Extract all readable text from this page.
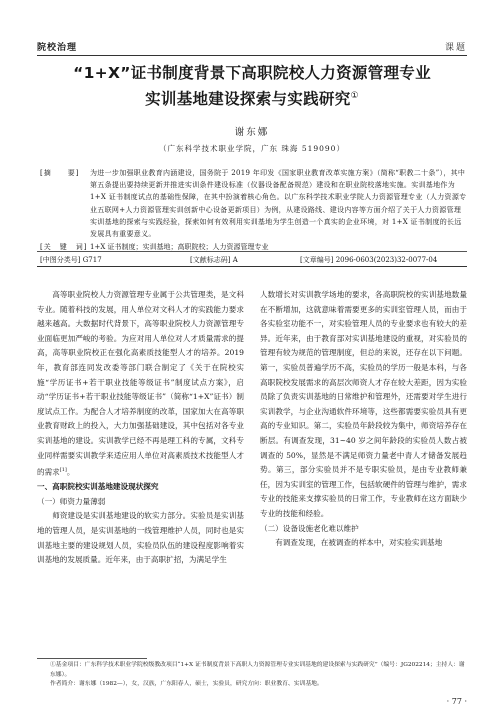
院校治理	课题
“1+X”证书制度背景下高职院校人力资源管理专业
实训基地建设探索与实践研究①
谢东娜
（广东科学技术职业学院，广东 珠海 519090）
[摘　　要]	为进一步加强职业教育内涵建设，国务院于 2019 年印发《国家职业教育改革实施方案》（简称“职教二十条”），其中第五条提出要持续更新并推进实训条件建设标准（仪器设备配备规范）建设和在职业院校落地实施。实训基地作为 1+X 证书制度试点的基础性保障，在其中扮演着核心角色。以广东科学技术职业学院人力资源管理专业（人力资源专业五联网+人力资源管理实训创新中心设备更新项目）为例，从建设路线、建设内容等方面介绍了关于人力资源管理实训基地的探索与实践经验，探索如何有效利用实训基地为学生创造一个真实的企业环境，对 1+X 证书制度的长远发展具有重要意义。
[关　键　词] 1+X 证书制度；实训基地；高职院校；人力资源管理专业
[中图分类号] G717	[文献标志码] A	[文章编号] 2096-0603(2023)32-0077-04

高等职业院校人力资源管理专业属于公共管理类，是文科专业。随着科技的发展，用人单位对文科人才的实践能力要求越来越高。大数据时代背景下，高等职业院校人力资源管理专业面临更加严峻的考验。为应对用人单位对人才质量需求的提高，高等职业院校正在强化高素质技能型人才的培养。2019 年，教育部连同发改委等部门联合制定了《关于在院校实施“学历证书+若干职业技能等级证书”制度试点方案》，启动“学历证书+若干职业技能等级证书”（简称“1+X”证书）制度试点工作。为配合人才培养制度的改革，国家加大在高等职业教育财政上的投入，大力加强基础建设，其中包括对各专业实训基地的建设。实训教学已经不再是理工科的专属，文科专业同样需要实训教学来适应用人单位对高素质技术技能型人才的需求[1]。

一、高职院校实训基地建设现状探究

（一）师资力量薄弱

师资建设是实训基地建设的软实力部分。实验员是实训基地的管理人员，是实训基地的一线管理维护人员，同时也是实训基地主要的建设规划人员，实验员队伍的建设程度影响着实训基地的发展质量。近年来，由于高职扩招，为满足学生

人数增长对实训教学场地的要求，各高职院校的实训基地数量在不断增加，这就意味着需要更多的实训室管理人员，而由于各实验室功能不一，对实验管理人员的专业要求也有较大的差异。近年来，由于教育部对实训基地建设的重视，对实验员的管理有较为规范的管理制度，但总的来说，还存在以下问题。第一，实验员普遍学历不高，实验员的学历一般是本科，与各高职院校发展需求的高层次师资人才存在较大差距，因为实验员除了负责实训基地的日常维护和管理外，还需要对学生进行实训教学，与企业沟通软件环境等，这些都需要实验员具有更高的专业知识。第二，实验员年龄段较为集中，师资培养存在断层。有调查发现，31~40 岁之间年龄段的实验员人数占被调查的 50%，显然是不满足师资力量老中青人才储备发展趋势。第三，部分实验员并不是专职实验员，是由专业教师兼任，因为实训室的管理工作，包括软硬件的管理与维护，需求专业的技能来支撑实验员的日常工作，专业教师在这方面缺少专业的技能和经验。

（二）设备设施老化难以维护

有调查发现，在被调查的样本中，对实验实训基地

①基金项目：广东科学技术职业学院校级教改项目“1+X 证书制度背景下高职人力资源管理专业实训基地的建设探索与实践研究”（编号：JG202214；主持人：谢东娜）。
作者简介：谢东娜（1982—），女，汉族，广东阳春人，硕士，实验员，研究方向：职业教育、实训基地。
· 77 ·
